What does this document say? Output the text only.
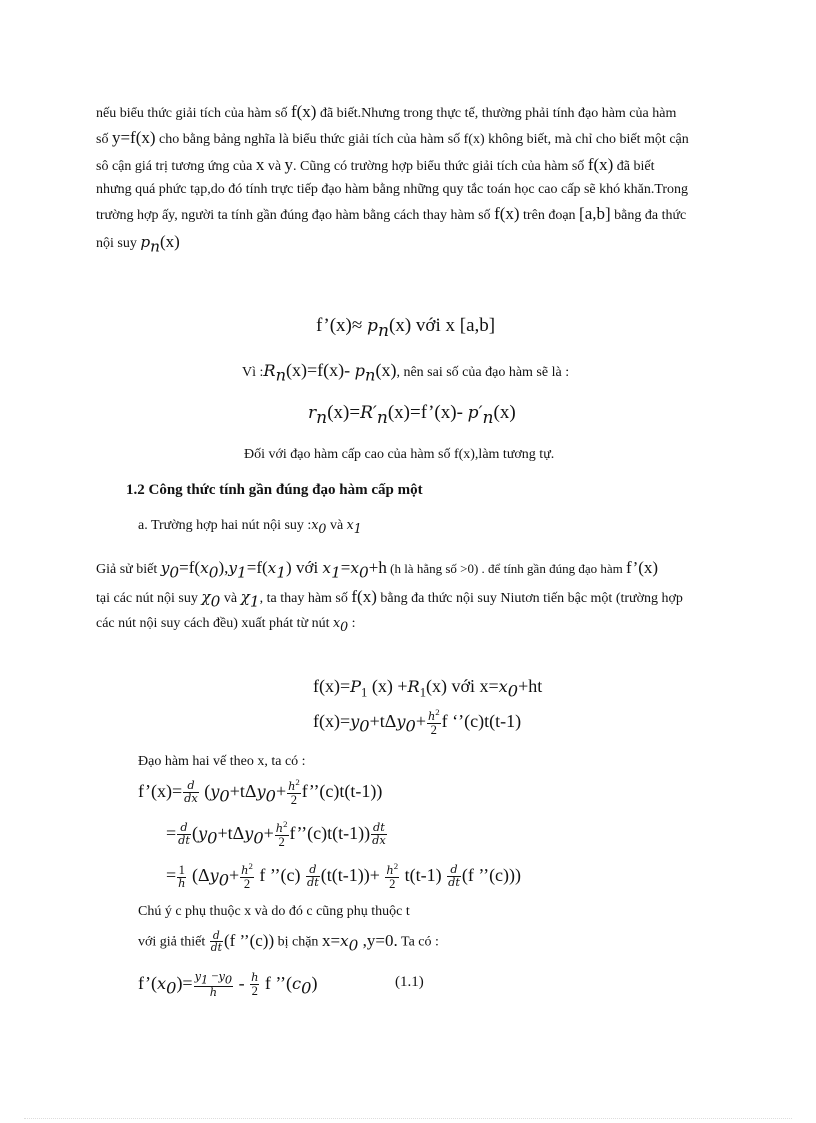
nếu biểu thức giải tích của hàm số f(x) đã biết.Nhưng trong thực tế, thường phải tính đạo hàm của hàm
số y=f(x) cho bằng bảng nghĩa là biểu thức giải tích của hàm số f(x) không biết, mà chỉ cho biết một cận
sô cận giá trị tương ứng của x và y. Cũng có trường hợp biểu thức giải tích của hàm số f(x) đã biết
nhưng quá phức tạp,do đó tính trực tiếp đạo hàm bằng những quy tắc toán học cao cấp sẽ khó khăn.Trong
trường hợp ấy, người ta tính gần đúng đạo hàm bằng cách thay hàm số f(x) trên đoạn [a,b] bằng đa thức
nội suy $p_n(x)$
f’(x)≈ $p_n(x)$ với x [a,b]
Vì $:R_n(x)=f(x)-$ $p_n(x)$, nên sai số của đạo hàm sẽ là :
$r_n(x)=R'_n(x)=f’(x)-$ $p'_n(x)$
Đối với đạo hàm cấp cao của hàm số f(x),làm tương tự.
1.2 Công thức tính gần đúng đạo hàm cấp một
a. Trường hợp hai nút nội suy $:x_0$ và $x_1$
Giả sử biết $y_0=f(x_0),y_1=f(x_1)$ với $x_1=x_0+h$ (h là hằng số >0) . để tính gần đúng đạo hàm f’(x)
tại các nút nội suy $\chi_0$ và $\chi_1$, ta thay hàm số f(x) bằng đa thức nội suy Niutơn tiến bậc một (trường hợp
các nút nội suy cách đều) xuất phát từ nút $x_0$ :
$f(x)=P_1$ $(x) +R_1(x)$ với $x=x_0+ht$
$f(x)=y_0+t\Delta y_0+ \frac{h^2}{2}$ f ‘’(c)t(t-1)
Đạo hàm hai vế theo x, ta có :
f’(x)= $\frac{d}{dx} (y_0+t\Delta y_0+ \frac{h^2}{2}$ f’’(c)t(t-1))
= $\frac{d}{dt} (y_0+t\Delta y_0+ \frac{h^2}{2}$ f’’(c)t(t-1)) $\frac{dt}{dx}$
= $\frac{1}{h} (\Delta y_0+ \frac{h^2}{2}$ f ’’(c) $\frac{d}{dt} (t(t-1))+ \frac{h^2}{2} t(t-1) \frac{d}{dt} (f$ ’’(c)))
Chú ý c phụ thuộc x và do đó c cũng phụ thuộc t
với giả thiết $\frac{d}{dt} (f$ ’’(c)) bị chặn $x=x_0$ ,y=0. Ta có :
$f’(x_0)= \frac{y_1 -y_0}{h} - \frac{h}{2}$ f $’’(c_0)$	(1.1)
